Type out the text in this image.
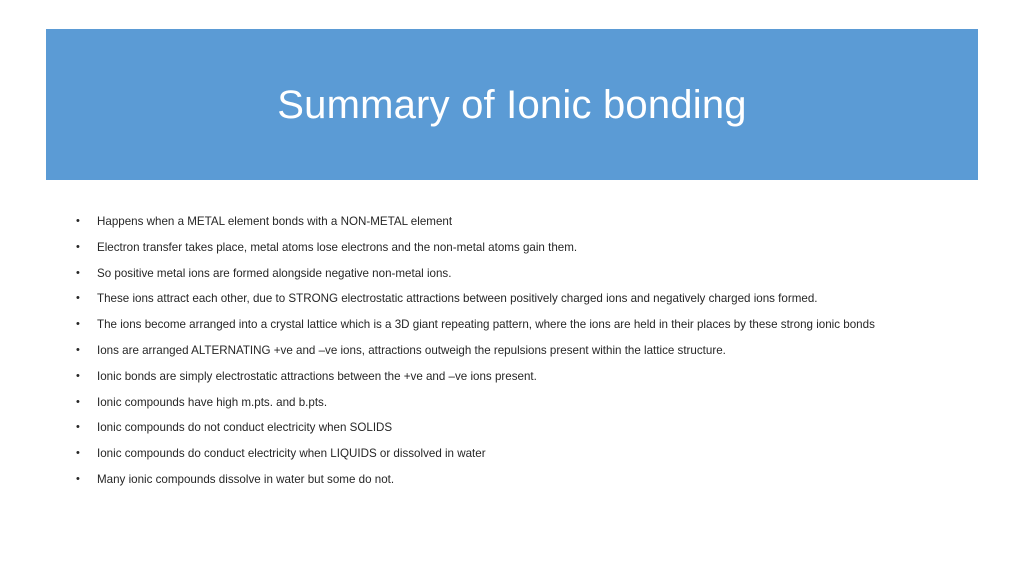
Summary of Ionic bonding
• Happens when a METAL element bonds with a NON-METAL element
• Electron transfer takes place, metal atoms lose electrons and the non-metal atoms gain them.
• So positive metal ions are formed alongside negative non-metal ions.
• These ions attract each other, due to STRONG electrostatic attractions between positively charged ions and negatively charged ions formed.
• The ions become arranged into a crystal lattice which is a 3D giant repeating pattern, where the ions are held in their places by these strong ionic bonds
• Ions are arranged ALTERNATING +ve and –ve ions, attractions outweigh the repulsions present within the lattice structure.
• Ionic bonds are simply electrostatic attractions between the +ve and –ve ions present.
• Ionic compounds have high m.pts. and b.pts.
• Ionic compounds do not conduct electricity when SOLIDS
• Ionic compounds do conduct electricity when LIQUIDS or dissolved in water
• Many ionic compounds dissolve in water but some do not.
